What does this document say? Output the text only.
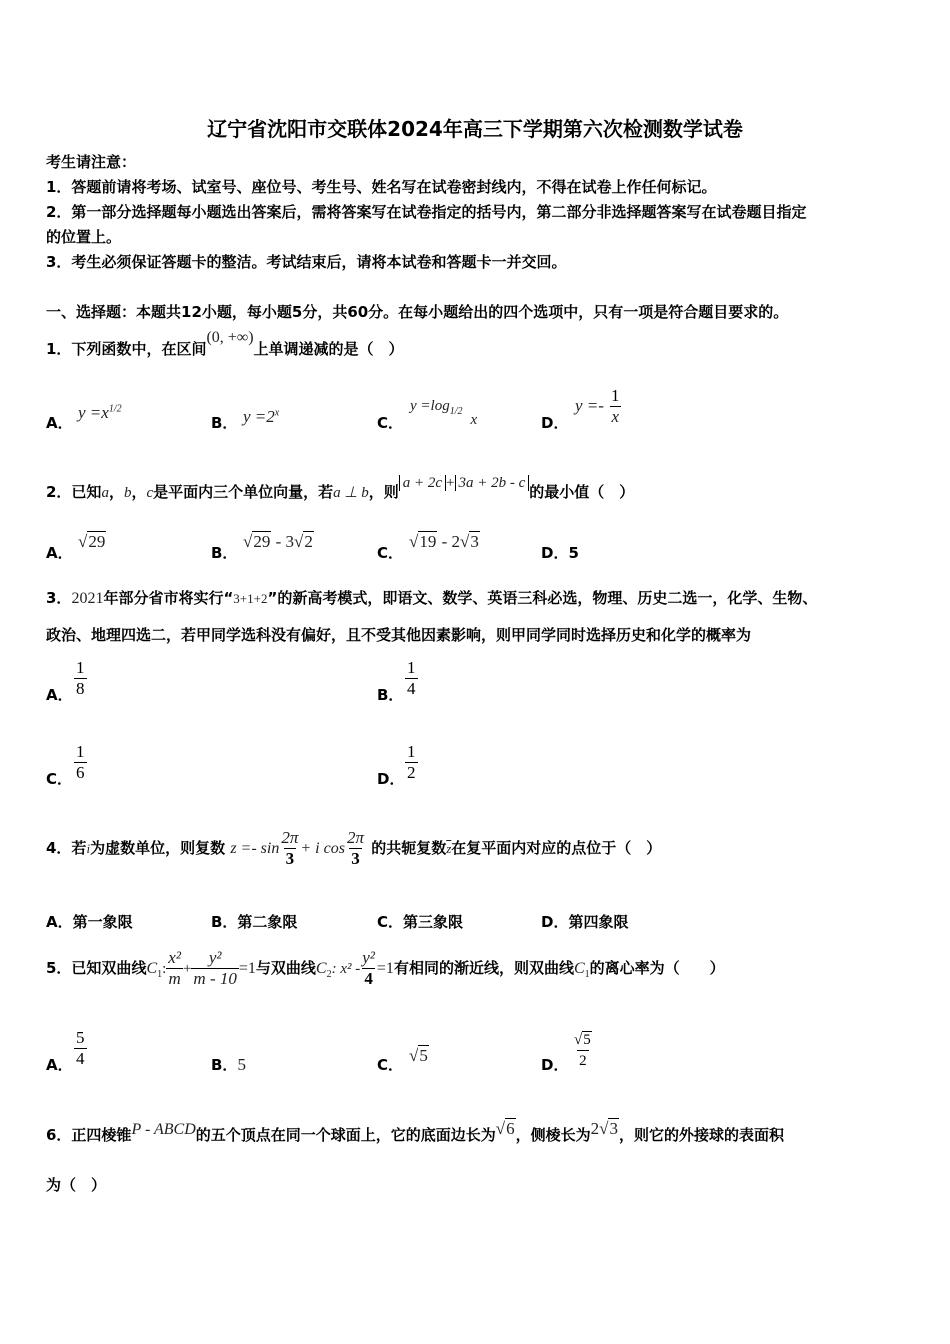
辽宁省沈阳市交联体2024年高三下学期第六次检测数学试卷
考生请注意：
1．答题前请将考场、试室号、座位号、考生号、姓名写在试卷密封线内，不得在试卷上作任何标记。
2．第一部分选择题每小题选出答案后，需将答案写在试卷指定的括号内，第二部分非选择题答案写在试卷题目指定
的位置上。
3．考生必须保证答题卡的整洁。考试结束后，请将本试卷和答题卡一并交回。
一、选择题：本题共12小题，每小题5分，共60分。在每小题给出的四个选项中，只有一项是符合题目要求的。
1．下列函数中，在区间(0, +∞)上单调递减的是（　）
A．
$y =x^{1/2}$
B． $y =2^x$
C．
$y =\log_{1/2}x$	D．
$y =- \frac{1}{x}$
2．已知a，b，c是平面内三个单位向量，若a ⊥ b，则 a + 2c + 3a + 2b - c 的最小值（　）
A．
√29
B．
√29 - 3√2
C．
√19 - 2√3
D．5
3．2021年部分省市将实行“3+1+2”的新高考模式，即语文、数学、英语三科必选，物理、历史二选一，化学、生物、
政治、地理四选二，若甲同学选科没有偏好，且不受其他因素影响，则甲同学同时选择历史和化学的概率为
A． $\frac{1}{8}$	B． $\frac{1}{4}$
C． $\frac{1}{6}$	D． $\frac{1}{2}$
4．若i为虚数单位，则复数 $z =- \sin \frac{2\pi}{3} + i$ $\cos \frac{2\pi}{3}$ 的共轭复数$\overline{z}$在复平面内对应的点位于（　）
A．第一象限	B．第二象限	C．第三象限	D．第四象限
5．已知双曲线$C_1$: $\frac{\text{x²}}{m} + \frac{\text{y²}}{m - 10} =1$与双曲线$C_2$: $x^2 - \frac{\text{y²}}{4} =1$有相同的渐近线，则双曲线$C_1$的离心率为（　　）
A． $\frac{5}{4}$	B．5	C． √5	D． $\frac{√5}{2}$
6．正四棱锥P - ABCD的五个顶点在同一个球面上，它的底面边长为√6，侧棱长为2√3，则它的外接球的表面积
为（　）
